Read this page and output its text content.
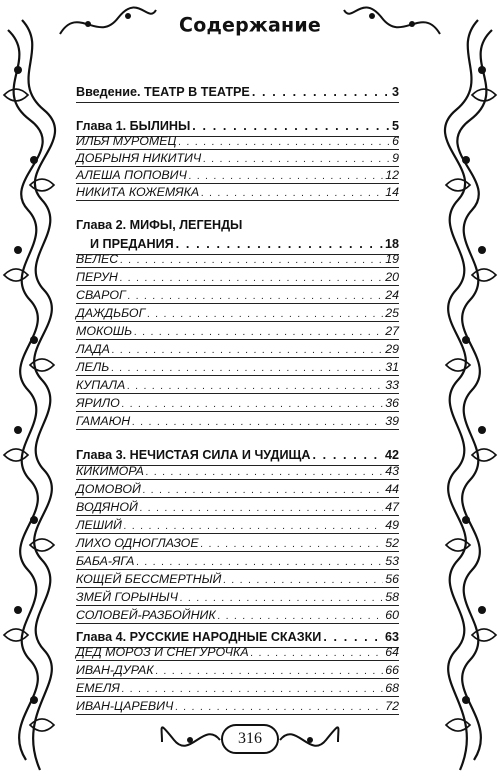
Содержание
Введение. ТЕАТР В ТЕАТРЕ . . .	3
Глава 1. БЫЛИНЫ . . .	5
ИЛЬЯ МУРОМЕЦ . . .	6
ДОБРЫНЯ НИКИТИЧ . . .	9
АЛЕША ПОПОВИЧ . . .	12
НИКИТА КОЖЕМЯКА . . .	14
Глава 2. МИФЫ, ЛЕГЕНДЫ
И ПРЕДАНИЯ . . .	18
ВЕЛЕС . . .	19
ПЕРУН . . .	20
СВАРОГ . . .	24
ДАЖДЬБОГ . . .	25
МОКОШЬ . . .	27
ЛАДА . . .	29
ЛЕЛЬ . . .	31
КУПАЛА . . .	33
ЯРИЛО . . .	36
ГАМАЮН . . .	39
Глава 3. НЕЧИСТАЯ СИЛА И ЧУДИЩА . . .	42
КИКИМОРА . . .	43
ДОМОВОЙ . . .	44
ВОДЯНОЙ . . .	47
ЛЕШИЙ . . .	49
ЛИХО ОДНОГЛАЗОЕ . . .	52
БАБА-ЯГА . . .	53
КОЩЕЙ БЕССМЕРТНЫЙ . . .	56
ЗМЕЙ ГОРЫНЫЧ . . .	58
СОЛОВЕЙ-РАЗБОЙНИК . . .	60
Глава 4. РУССКИЕ НАРОДНЫЕ СКАЗКИ . . .	63
ДЕД МОРОЗ И СНЕГУРОЧКА . . .	64
ИВАН-ДУРАК . . .	66
ЕМЕЛЯ . . .	68
ИВАН-ЦАРЕВИЧ . . .	72
316
